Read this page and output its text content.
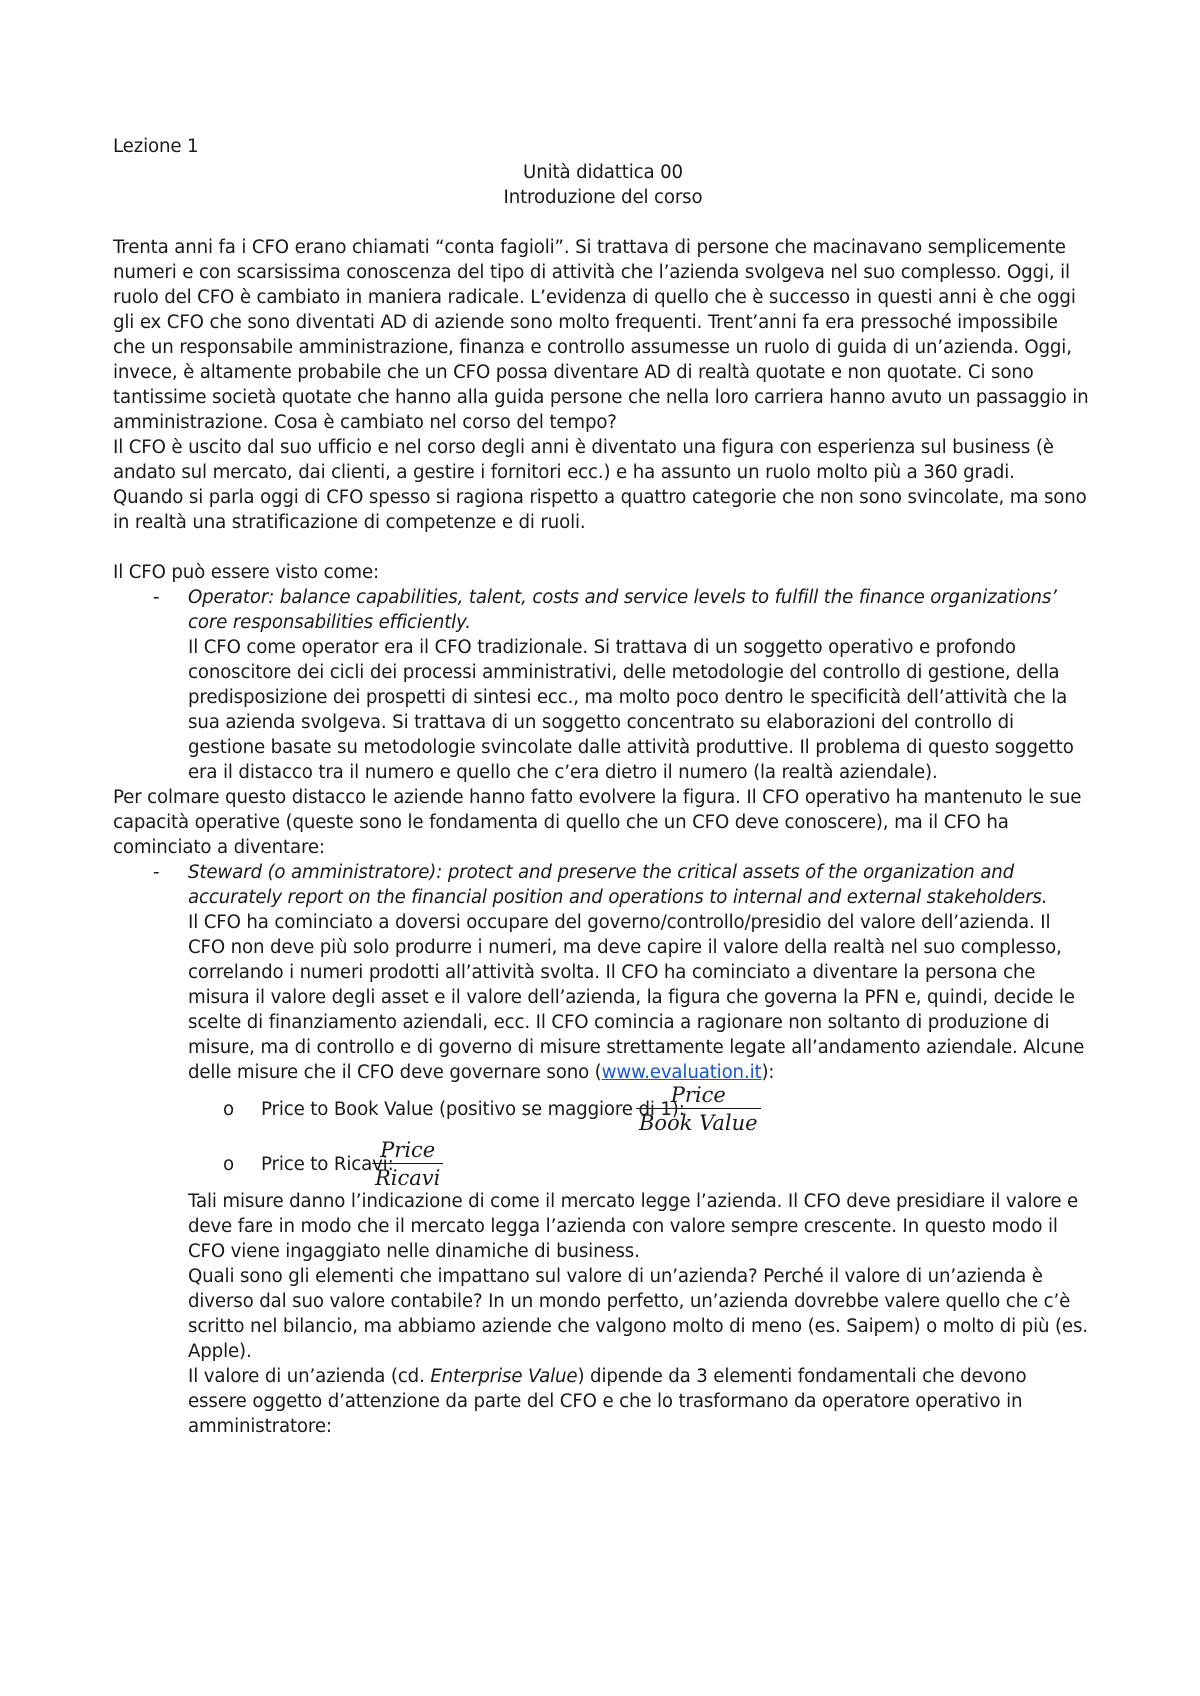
Lezione 1
Unità didattica 00
Introduzione del corso
Trenta anni fa i CFO erano chiamati “conta fagioli”. Si trattava di persone che macinavano semplicemente
numeri e con scarsissima conoscenza del tipo di attività che l’azienda svolgeva nel suo complesso. Oggi, il
ruolo del CFO è cambiato in maniera radicale. L’evidenza di quello che è successo in questi anni è che oggi
gli ex CFO che sono diventati AD di aziende sono molto frequenti. Trent’anni fa era pressoché impossibile
che un responsabile amministrazione, finanza e controllo assumesse un ruolo di guida di un’azienda. Oggi,
invece, è altamente probabile che un CFO possa diventare AD di realtà quotate e non quotate. Ci sono
tantissime società quotate che hanno alla guida persone che nella loro carriera hanno avuto un passaggio in
amministrazione. Cosa è cambiato nel corso del tempo?
Il CFO è uscito dal suo ufficio e nel corso degli anni è diventato una figura con esperienza sul business (è
andato sul mercato, dai clienti, a gestire i fornitori ecc.) e ha assunto un ruolo molto più a 360 gradi.
Quando si parla oggi di CFO spesso si ragiona rispetto a quattro categorie che non sono svincolate, ma sono
in realtà una stratificazione di competenze e di ruoli.
Il CFO può essere visto come:
- Operator: balance capabilities, talent, costs and service levels to fulfill the finance organizations’
core responsabilities efficiently.
Il CFO come operator era il CFO tradizionale. Si trattava di un soggetto operativo e profondo
conoscitore dei cicli dei processi amministrativi, delle metodologie del controllo di gestione, della
predisposizione dei prospetti di sintesi ecc., ma molto poco dentro le specificità dell’attività che la
sua azienda svolgeva. Si trattava di un soggetto concentrato su elaborazioni del controllo di
gestione basate su metodologie svincolate dalle attività produttive. Il problema di questo soggetto
era il distacco tra il numero e quello che c’era dietro il numero (la realtà aziendale).
Per colmare questo distacco le aziende hanno fatto evolvere la figura. Il CFO operativo ha mantenuto le sue
capacità operative (queste sono le fondamenta di quello che un CFO deve conoscere), ma il CFO ha
cominciato a diventare:
- Steward (o amministratore): protect and preserve the critical assets of the organization and
accurately report on the financial position and operations to internal and external stakeholders.
Il CFO ha cominciato a doversi occupare del governo/controllo/presidio del valore dell’azienda. Il
CFO non deve più solo produrre i numeri, ma deve capire il valore della realtà nel suo complesso,
correlando i numeri prodotti all’attività svolta. Il CFO ha cominciato a diventare la persona che
misura il valore degli asset e il valore dell’azienda, la figura che governa la PFN e, quindi, decide le
scelte di finanziamento aziendali, ecc. Il CFO comincia a ragionare non soltanto di produzione di
misure, ma di controllo e di governo di misure strettamente legate all’andamento aziendale. Alcune
delle misure che il CFO deve governare sono (www.evaluation.it):
o Price to Book Value (positivo se maggiore di 1):
Price
Book Value
o Price to Ricavi:
Price
Ricavi
Tali misure danno l’indicazione di come il mercato legge l’azienda. Il CFO deve presidiare il valore e
deve fare in modo che il mercato legga l’azienda con valore sempre crescente. In questo modo il
CFO viene ingaggiato nelle dinamiche di business.
Quali sono gli elementi che impattano sul valore di un’azienda? Perché il valore di un’azienda è
diverso dal suo valore contabile? In un mondo perfetto, un’azienda dovrebbe valere quello che c’è
scritto nel bilancio, ma abbiamo aziende che valgono molto di meno (es. Saipem) o molto di più (es.
Apple).
Il valore di un’azienda (cd. Enterprise Value) dipende da 3 elementi fondamentali che devono
essere oggetto d’attenzione da parte del CFO e che lo trasformano da operatore operativo in
amministratore:
